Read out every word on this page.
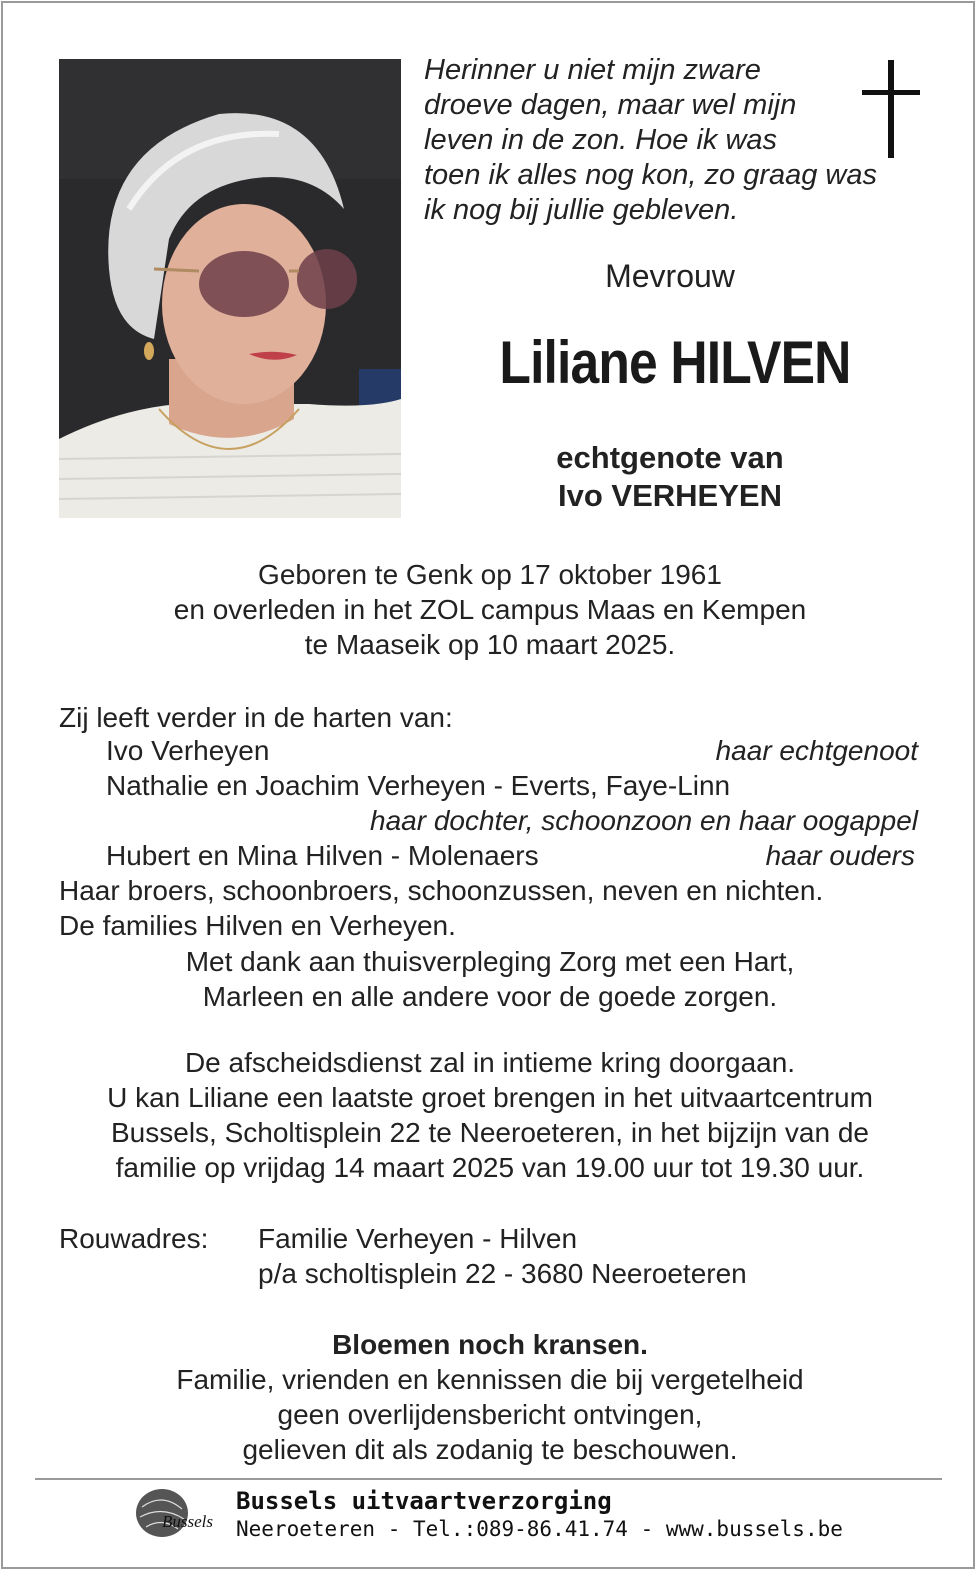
Herinner u niet mijn zware
droeve dagen, maar wel mijn
leven in de zon. Hoe ik was
toen ik alles nog kon, zo graag was
ik nog bij jullie gebleven.
Mevrouw
Liliane HILVEN
echtgenote van
Ivo VERHEYEN
Geboren te Genk op 17 oktober 1961
en overleden in het ZOL campus Maas en Kempen
te Maaseik op 10 maart 2025.
Zij leeft verder in de harten van:
Ivo Verheyen	haar echtgenoot
Nathalie en Joachim Verheyen - Everts, Faye-Linn
haar dochter, schoonzoon en haar oogappel
Hubert en Mina Hilven - Molenaers	haar ouders
Haar broers, schoonbroers, schoonzussen, neven en nichten.
De families Hilven en Verheyen.
Met dank aan thuisverpleging Zorg met een Hart,
Marleen en alle andere voor de goede zorgen.
De afscheidsdienst zal in intieme kring doorgaan.
U kan Liliane een laatste groet brengen in het uitvaartcentrum
Bussels, Scholtisplein 22 te Neeroeteren, in het bijzijn van de
familie op vrijdag 14 maart 2025 van 19.00 uur tot 19.30 uur.
Rouwadres: Familie Verheyen - Hilven
p/a scholtisplein 22 - 3680 Neeroeteren
Bloemen noch kransen.
Familie, vrienden en kennissen die bij vergetelheid
geen overlijdensbericht ontvingen,
gelieven dit als zodanig te beschouwen.
Bussels
Bussels uitvaartverzorging
Neeroeteren - Tel.:089-86.41.74 - www.bussels.be
